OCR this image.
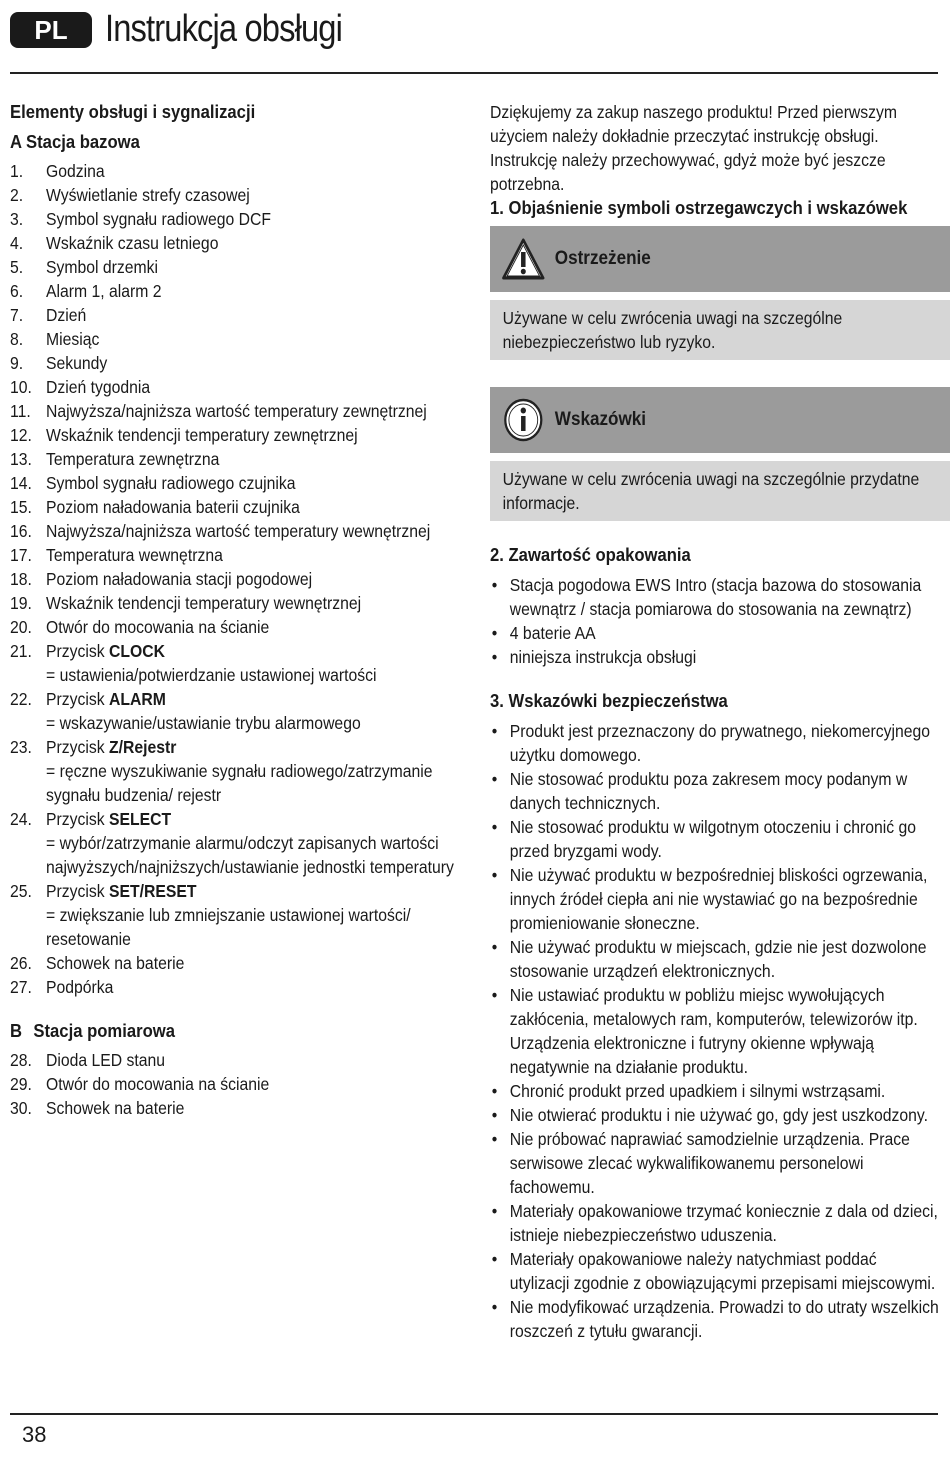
PL Instrukcja obsługi
Elementy obsługi i sygnalizacji
A Stacja bazowa
1.	Godzina
2.	Wyświetlanie strefy czasowej
3.	Symbol sygnału radiowego DCF
4.	Wskaźnik czasu letniego
5.	Symbol drzemki
6.	Alarm 1, alarm 2
7.	Dzień
8.	Miesiąc
9.	Sekundy
10. Dzień tygodnia
11. Najwyższa/najniższa wartość temperatury zewnętrznej
12. Wskaźnik tendencji temperatury zewnętrznej
13. Temperatura zewnętrzna
14. Symbol sygnału radiowego czujnika
15. Poziom naładowania baterii czujnika
16. Najwyższa/najniższa wartość temperatury wewnętrznej
17. Temperatura wewnętrzna
18. Poziom naładowania stacji pogodowej
19. Wskaźnik tendencji temperatury wewnętrznej
20. Otwór do mocowania na ścianie
21. Przycisk CLOCK
= ustawienia/potwierdzanie ustawionej wartości
22. Przycisk ALARM
= wskazywanie/ustawianie trybu alarmowego
23. Przycisk Z/Rejestr
= ręczne wyszukiwanie sygnału radiowego/zatrzymanie sygnału budzenia/ rejestr
24. Przycisk SELECT
= wybór/zatrzymanie alarmu/odczyt zapisanych wartości najwyższych/najniższych/ustawianie jednostki temperatury
25. Przycisk SET/RESET
= zwiększanie lub zmniejszanie ustawionej wartości/ resetowanie
26. Schowek na baterie
27. Podpórka
B Stacja pomiarowa
28. Dioda LED stanu
29. Otwór do mocowania na ścianie
30. Schowek na baterie
Dziękujemy za zakup naszego produktu! Przed pierwszym użyciem należy dokładnie przeczytać instrukcję obsługi. Instrukcję należy przechowywać, gdyż może być jeszcze potrzebna.
1. Objaśnienie symboli ostrzegawczych i wskazówek
Ostrzeżenie
Używane w celu zwrócenia uwagi na szczególne niebezpieczeństwo lub ryzyko.
Wskazówki
Używane w celu zwrócenia uwagi na szczególnie przydatne informacje.
2. Zawartość opakowania
• Stacja pogodowa EWS Intro (stacja bazowa do stosowania wewnątrz / stacja pomiarowa do stosowania na zewnątrz)
• 4 baterie AA
• niniejsza instrukcja obsługi
3. Wskazówki bezpieczeństwa
• Produkt jest przeznaczony do prywatnego, niekomercyjnego użytku domowego.
• Nie stosować produktu poza zakresem mocy podanym w danych technicznych.
• Nie stosować produktu w wilgotnym otoczeniu i chronić go przed bryzgami wody.
• Nie używać produktu w bezpośredniej bliskości ogrzewania, innych źródeł ciepła ani nie wystawiać go na bezpośrednie promieniowanie słoneczne.
• Nie używać produktu w miejscach, gdzie nie jest dozwolone stosowanie urządzeń elektronicznych.
• Nie ustawiać produktu w pobliżu miejsc wywołujących zakłócenia, metalowych ram, komputerów, telewizorów itp. Urządzenia elektroniczne i futryny okienne wpływają negatywnie na działanie produktu.
• Chronić produkt przed upadkiem i silnymi wstrząsami.
• Nie otwierać produktu i nie używać go, gdy jest uszkodzony.
• Nie próbować naprawiać samodzielnie urządzenia. Prace serwisowe zlecać wykwalifikowanemu personelowi fachowemu.
• Materiały opakowaniowe trzymać koniecznie z dala od dzieci, istnieje niebezpieczeństwo uduszenia.
• Materiały opakowaniowe należy natychmiast poddać utylizacji zgodnie z obowiązującymi przepisami miejscowymi.
• Nie modyfikować urządzenia. Prowadzi to do utraty wszelkich roszczeń z tytułu gwarancji.
38
